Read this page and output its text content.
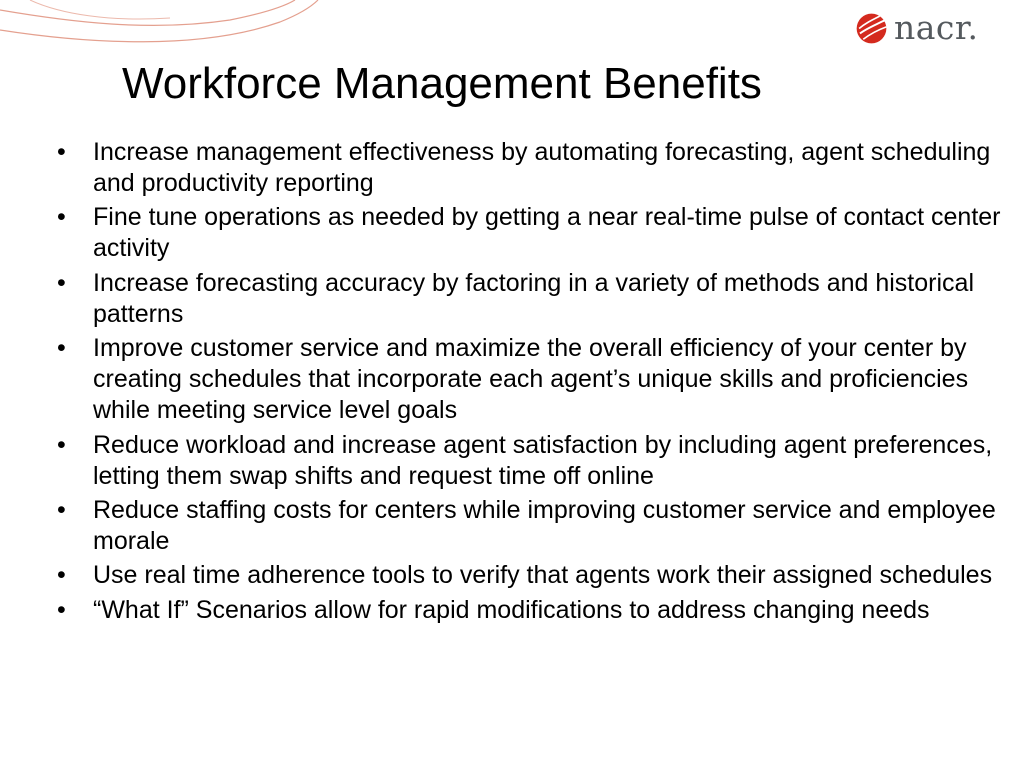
nacr.
Workforce Management Benefits
• Increase management effectiveness by automating forecasting, agent scheduling and productivity reporting
• Fine tune operations as needed by getting a near real-time pulse of contact center activity
• Increase forecasting accuracy by factoring in a variety of methods and historical patterns
• Improve customer service and maximize the overall efficiency of your center by creating schedules that incorporate each agent’s unique skills and proficiencies while meeting service level goals
• Reduce workload and increase agent satisfaction by including agent preferences, letting them swap shifts and request time off online
• Reduce staffing costs for centers while improving customer service and employee morale
• Use real time adherence tools to verify that agents work their assigned schedules
• “What If” Scenarios allow for rapid modifications to address changing needs
